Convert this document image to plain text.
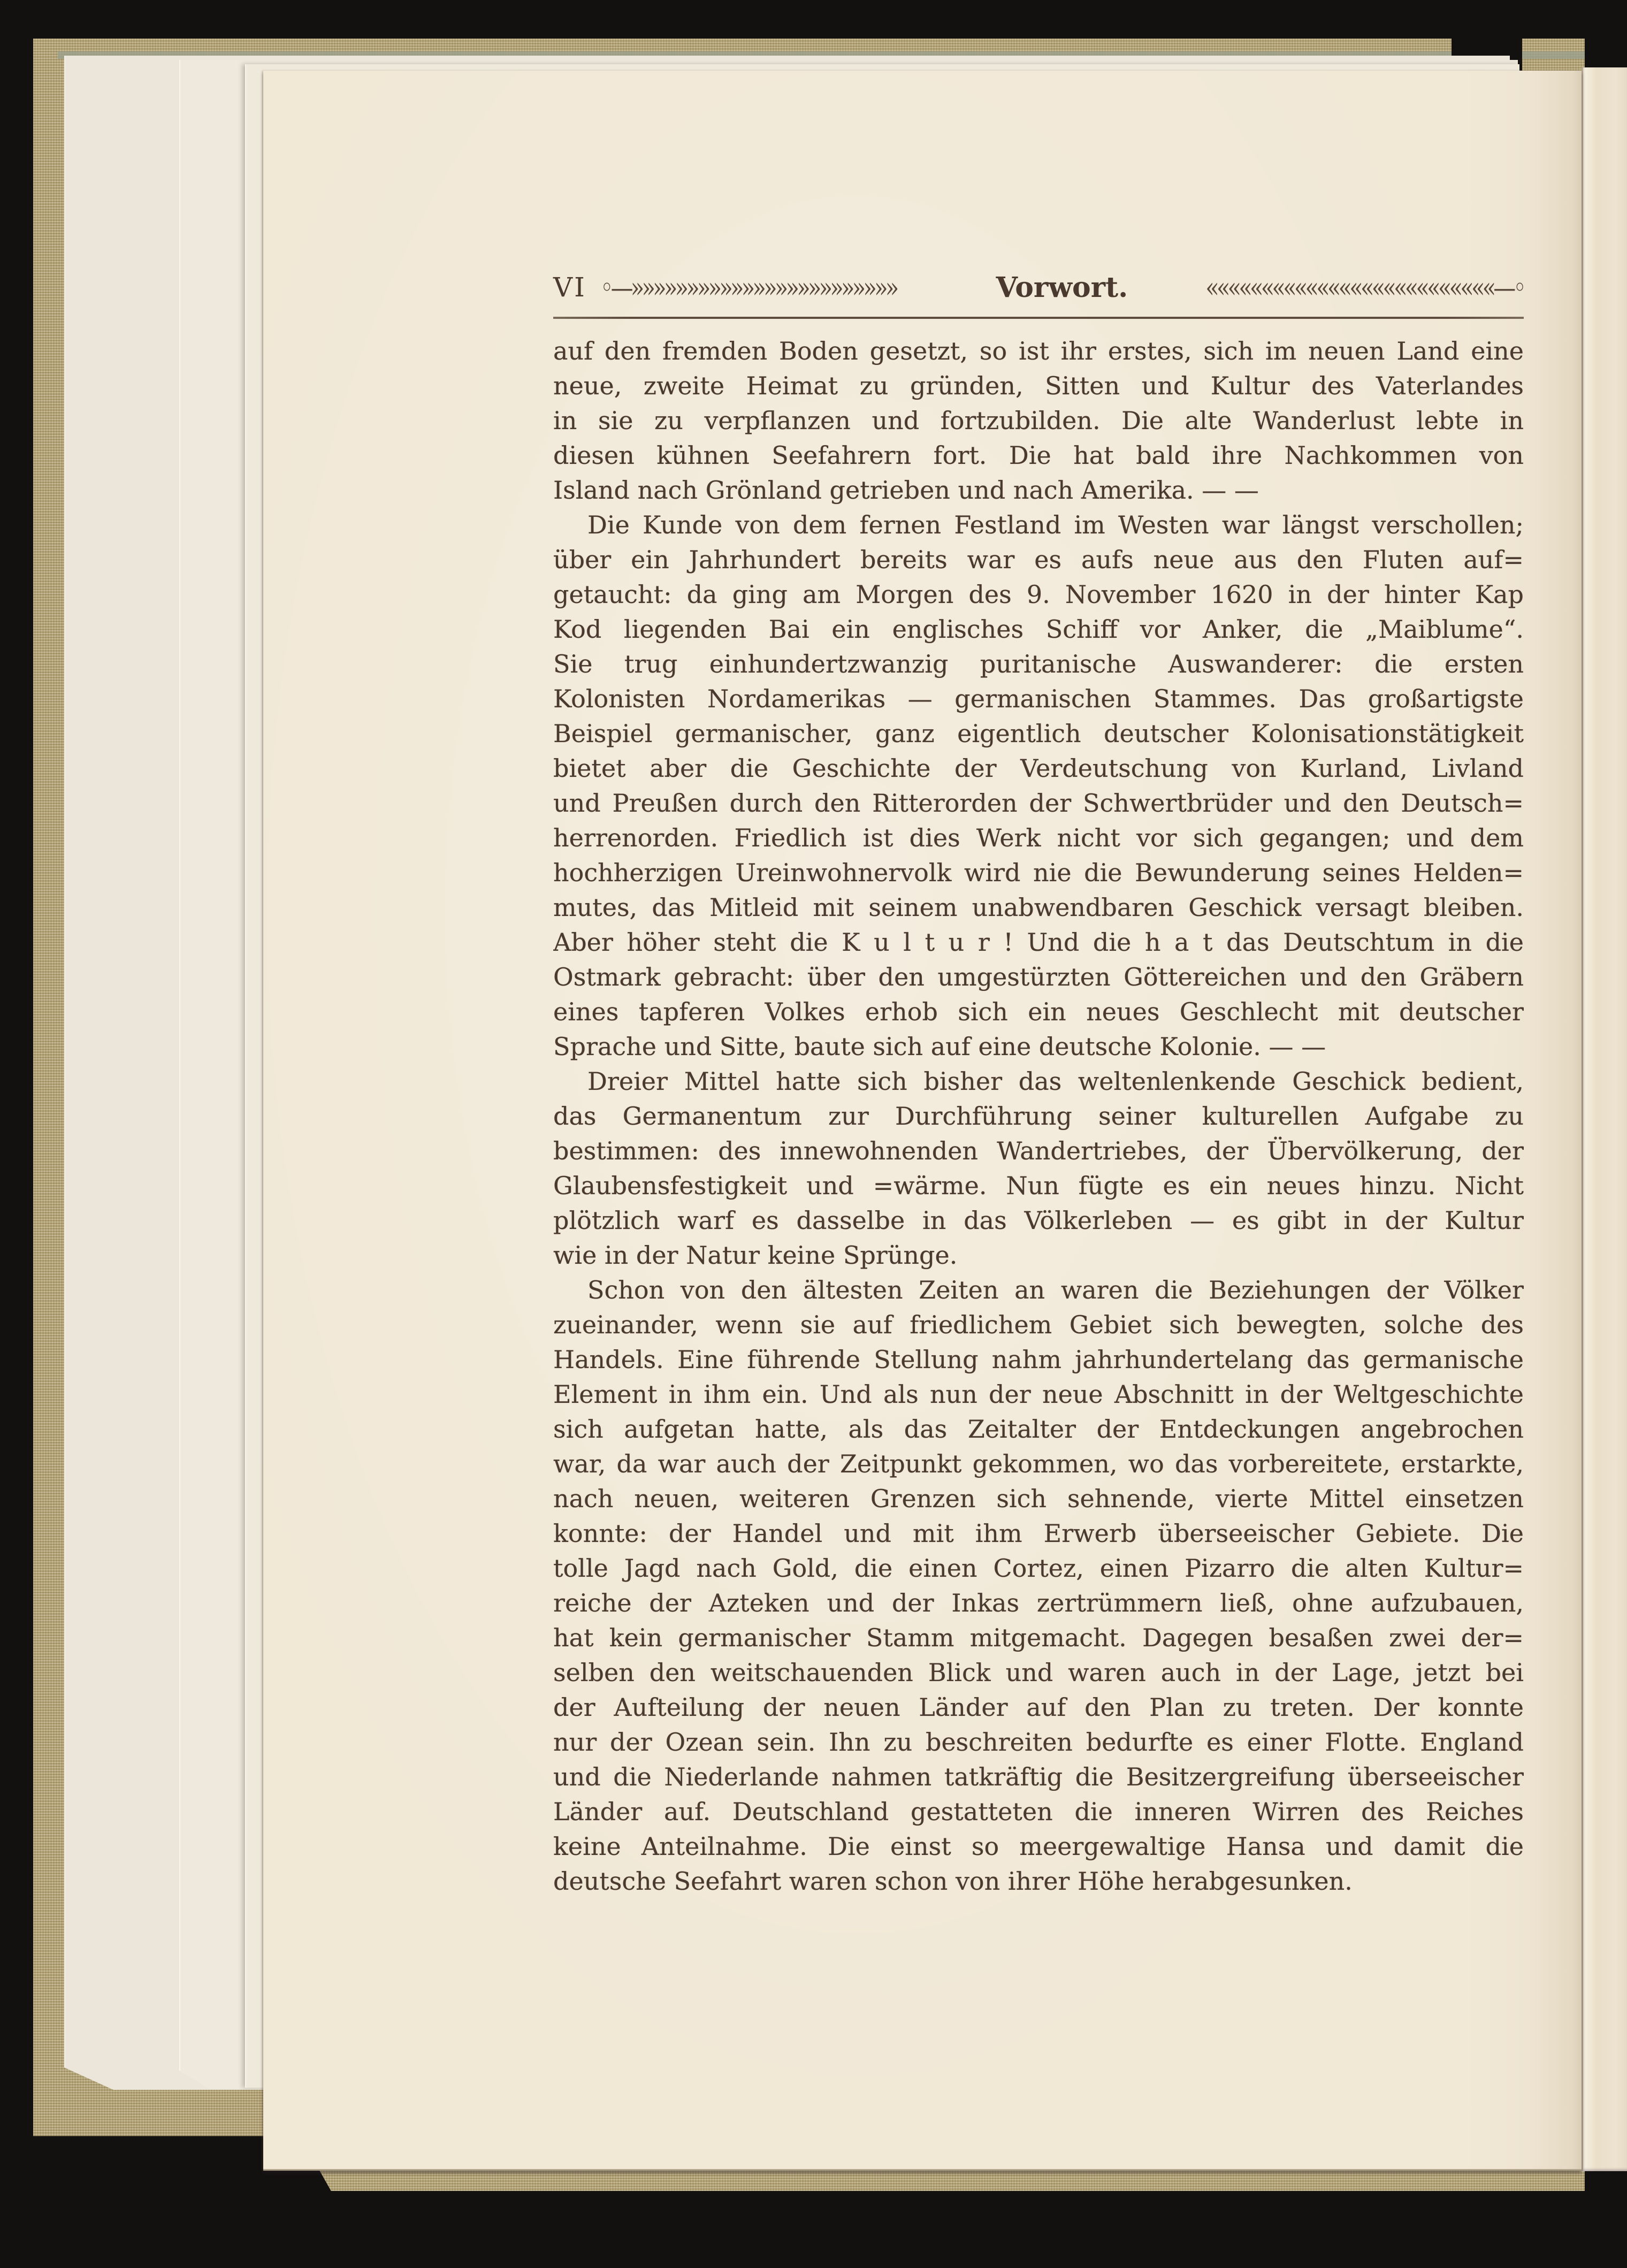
VI ◦—»»»»»»»»»»»»»»»»»»»»»»»»	Vorwort.	««««««««««««««««««««««««««—◦
auf den fremden Boden gesetzt, so ist ihr erstes, sich im neuen Land eine
neue, zweite Heimat zu gründen, Sitten und Kultur des Vaterlandes
in sie zu verpflanzen und fortzubilden. Die alte Wanderlust lebte in
diesen kühnen Seefahrern fort. Die hat bald ihre Nachkommen von
Island nach Grönland getrieben und nach Amerika. — —
Die Kunde von dem fernen Festland im Westen war längst verschollen;
über ein Jahrhundert bereits war es aufs neue aus den Fluten auf=
getaucht: da ging am Morgen des 9. November 1620 in der hinter Kap
Kod liegenden Bai ein englisches Schiff vor Anker, die „Maiblume“.
Sie trug einhundertzwanzig puritanische Auswanderer: die ersten
Kolonisten Nordamerikas — germanischen Stammes. Das großartigste
Beispiel germanischer, ganz eigentlich deutscher Kolonisationstätigkeit
bietet aber die Geschichte der Verdeutschung von Kurland, Livland
und Preußen durch den Ritterorden der Schwertbrüder und den Deutsch=
herrenorden. Friedlich ist dies Werk nicht vor sich gegangen; und dem
hochherzigen Ureinwohnervolk wird nie die Bewunderung seines Helden=
mutes, das Mitleid mit seinem unabwendbaren Geschick versagt bleiben.
Aber höher steht die K u l t u r ! Und die h a t das Deutschtum in die
Ostmark gebracht: über den umgestürzten Göttereichen und den Gräbern
eines tapferen Volkes erhob sich ein neues Geschlecht mit deutscher
Sprache und Sitte, baute sich auf eine deutsche Kolonie. — —
Dreier Mittel hatte sich bisher das weltenlenkende Geschick bedient,
das Germanentum zur Durchführung seiner kulturellen Aufgabe zu
bestimmen: des innewohnenden Wandertriebes, der Übervölkerung, der
Glaubensfestigkeit und =wärme. Nun fügte es ein neues hinzu. Nicht
plötzlich warf es dasselbe in das Völkerleben — es gibt in der Kultur
wie in der Natur keine Sprünge.
Schon von den ältesten Zeiten an waren die Beziehungen der Völker
zueinander, wenn sie auf friedlichem Gebiet sich bewegten, solche des
Handels. Eine führende Stellung nahm jahrhundertelang das germanische
Element in ihm ein. Und als nun der neue Abschnitt in der Weltgeschichte
sich aufgetan hatte, als das Zeitalter der Entdeckungen angebrochen
war, da war auch der Zeitpunkt gekommen, wo das vorbereitete, erstarkte,
nach neuen, weiteren Grenzen sich sehnende, vierte Mittel einsetzen
konnte: der Handel und mit ihm Erwerb überseeischer Gebiete. Die
tolle Jagd nach Gold, die einen Cortez, einen Pizarro die alten Kultur=
reiche der Azteken und der Inkas zertrümmern ließ, ohne aufzubauen,
hat kein germanischer Stamm mitgemacht. Dagegen besaßen zwei der=
selben den weitschauenden Blick und waren auch in der Lage, jetzt bei
der Aufteilung der neuen Länder auf den Plan zu treten. Der konnte
nur der Ozean sein. Ihn zu beschreiten bedurfte es einer Flotte. England
und die Niederlande nahmen tatkräftig die Besitzergreifung überseeischer
Länder auf. Deutschland gestatteten die inneren Wirren des Reiches
keine Anteilnahme. Die einst so meergewaltige Hansa und damit die
deutsche Seefahrt waren schon von ihrer Höhe herabgesunken.
